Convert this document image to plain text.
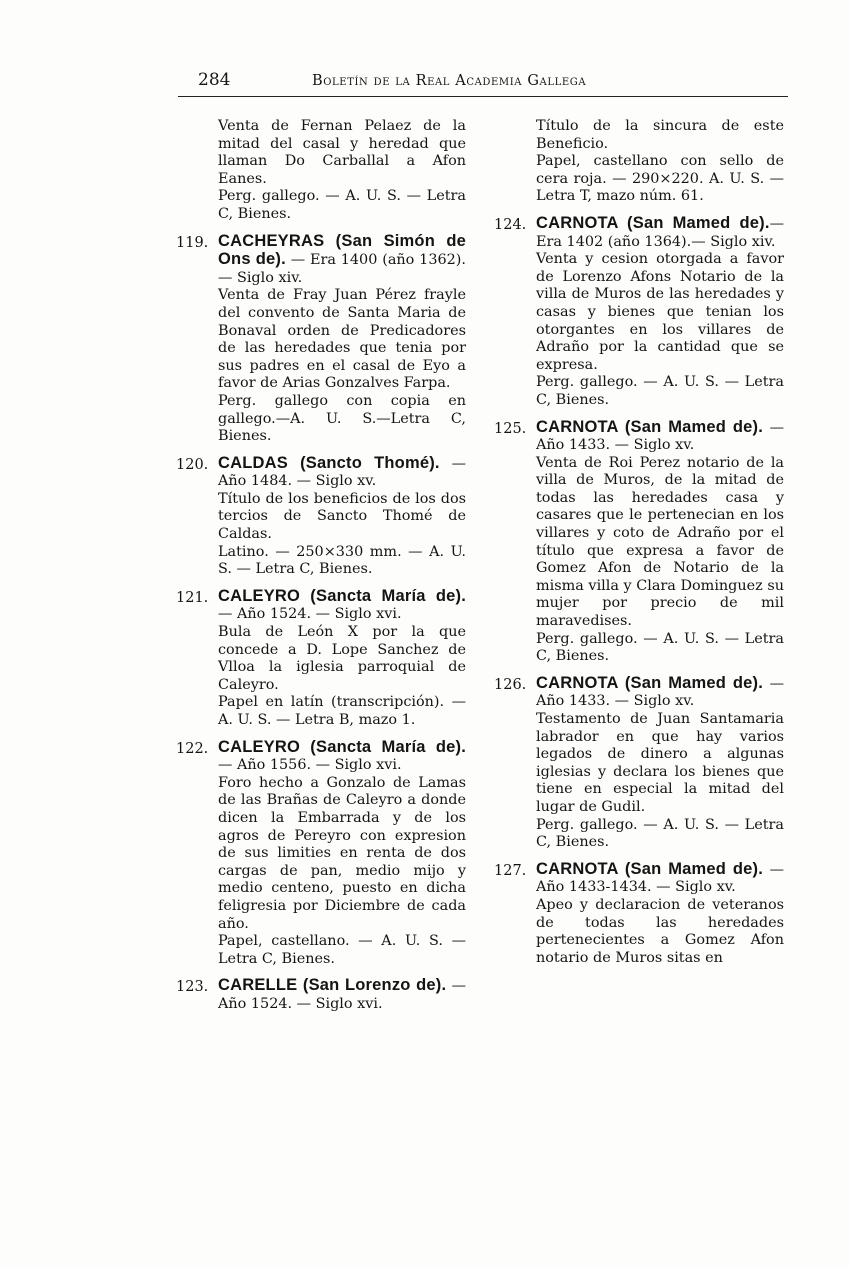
284	Boletín de la Real Academia Gallega

Venta de Fernan Pelaez de la mitad del casal y heredad que llaman Do Carballal a Afon Eanes.

Perg. gallego. — A. U. S. — Letra C, Bienes.

119. CACHEYRAS (San Simón de Ons de). — Era 1400 (año 1362). — Siglo xiv.

Venta de Fray Juan Pérez frayle del convento de Santa Maria de Bonaval orden de Predicadores de las heredades que tenia por sus padres en el casal de Eyo a favor de Arias Gonzalves Farpa.

Perg. gallego con copia en gallego.—A. U. S.—Letra C, Bienes.

120. CALDAS (Sancto Thomé). — Año 1484. — Siglo xv.

Título de los beneficios de los dos tercios de Sancto Thomé de Caldas.

Latino. — 250×330 mm. — A. U. S. — Letra C, Bienes.

121. CALEYRO (Sancta María de). — Año 1524. — Siglo xvi.

Bula de León X por la que concede a D. Lope Sanchez de Vlloa la iglesia parroquial de Caleyro.

Papel en latín (transcripción). — A. U. S. — Letra B, mazo 1.

122. CALEYRO (Sancta María de). — Año 1556. — Siglo xvi.

Foro hecho a Gonzalo de Lamas de las Brañas de Caleyro a donde dicen la Embarrada y de los agros de Pereyro con expresion de sus limities en renta de dos cargas de pan, medio mijo y medio centeno, puesto en dicha feligresia por Diciembre de cada año.

Papel, castellano. — A. U. S. — Letra C, Bienes.

123. CARELLE (San Lorenzo de). — Año 1524. — Siglo xvi.

Título de la sincura de este Beneficio.

Papel, castellano con sello de cera roja. — 290×220. A. U. S. — Letra T, mazo núm. 61.

124. CARNOTA (San Mamed de).—Era 1402 (año 1364).— Siglo xiv.

Venta y cesion otorgada a favor de Lorenzo Afons Notario de la villa de Muros de las heredades y casas y bienes que tenian los otorgantes en los villares de Adraño por la cantidad que se expresa.

Perg. gallego. — A. U. S. — Letra C, Bienes.

125. CARNOTA (San Mamed de). — Año 1433. — Siglo xv.

Venta de Roi Perez notario de la villa de Muros, de la mitad de todas las heredades casa y casares que le pertenecian en los villares y coto de Adraño por el título que expresa a favor de Gomez Afon de Notario de la misma villa y Clara Dominguez su mujer por precio de mil maravedises.

Perg. gallego. — A. U. S. — Letra C, Bienes.

126. CARNOTA (San Mamed de). — Año 1433. — Siglo xv.

Testamento de Juan Santamaria labrador en que hay varios legados de dinero a algunas iglesias y declara los bienes que tiene en especial la mitad del lugar de Gudil.

Perg. gallego. — A. U. S. — Letra C, Bienes.

127. CARNOTA (San Mamed de). — Año 1433-1434. — Siglo xv.

Apeo y declaracion de veteranos de todas las heredades pertenecientes a Gomez Afon notario de Muros sitas en
